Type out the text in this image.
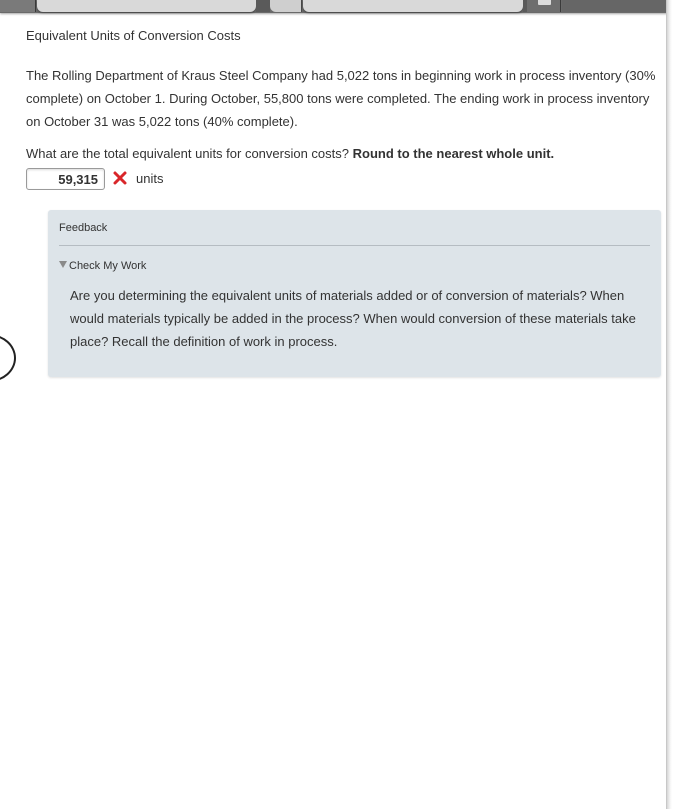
Equivalent Units of Conversion Costs
The Rolling Department of Kraus Steel Company had 5,022 tons in beginning work in process inventory (30% complete) on October 1. During October, 55,800 tons were completed. The ending work in process inventory on October 31 was 5,022 tons (40% complete).
What are the total equivalent units for conversion costs? Round to the nearest whole unit.
59,315	units
Feedback
Check My Work
Are you determining the equivalent units of materials added or of conversion of materials? When would materials typically be added in the process? When would conversion of these materials take place? Recall the definition of work in process.
